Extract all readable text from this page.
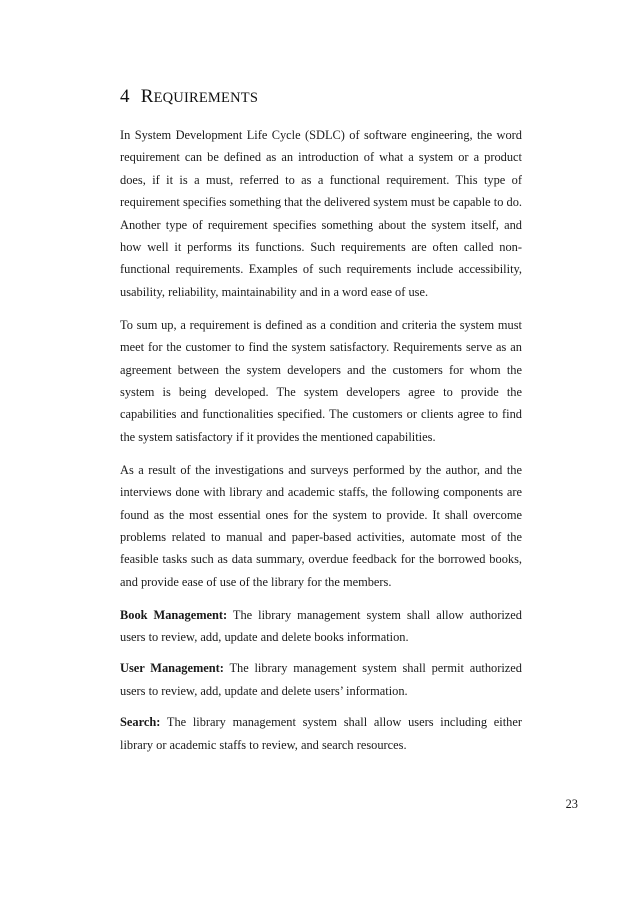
4 REQUIREMENTS

In System Development Life Cycle (SDLC) of software engineering, the word requirement can be defined as an introduction of what a system or a product does, if it is a must, referred to as a functional requirement. This type of requirement specifies something that the delivered system must be capable to do. Another type of requirement specifies something about the system itself, and how well it performs its functions. Such requirements are often called non-functional requirements. Examples of such requirements include accessibility, usability, reliability, maintainability and in a word ease of use.

To sum up, a requirement is defined as a condition and criteria the system must meet for the customer to find the system satisfactory. Requirements serve as an agreement between the system developers and the customers for whom the system is being developed. The system developers agree to provide the capabilities and functionalities specified. The customers or clients agree to find the system satisfactory if it provides the mentioned capabilities.

As a result of the investigations and surveys performed by the author, and the interviews done with library and academic staffs, the following components are found as the most essential ones for the system to provide. It shall overcome problems related to manual and paper-based activities, automate most of the feasible tasks such as data summary, overdue feedback for the borrowed books, and provide ease of use of the library for the members.

Book Management: The library management system shall allow authorized users to review, add, update and delete books information.

User Management: The library management system shall permit authorized users to review, add, update and delete users’ information.

Search: The library management system shall allow users including either library or academic staffs to review, and search resources.

23
